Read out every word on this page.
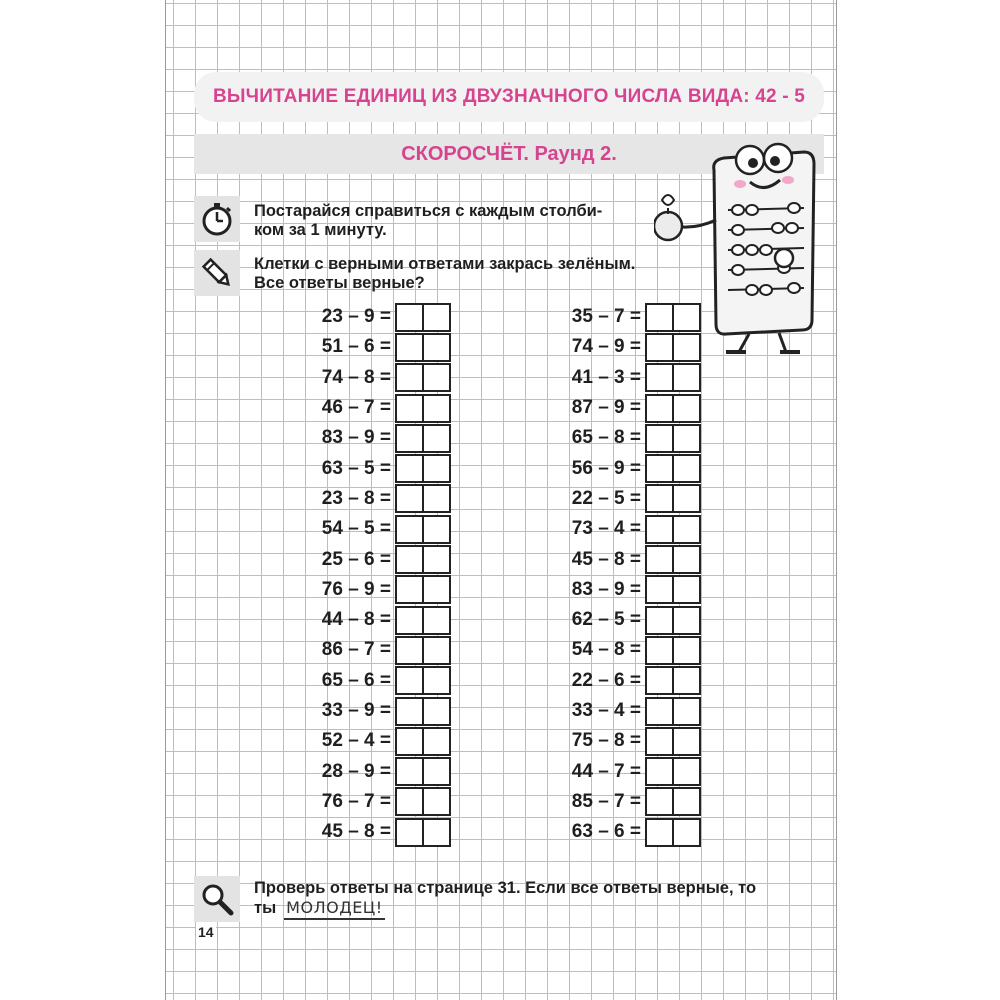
ВЫЧИТАНИЕ ЕДИНИЦ ИЗ ДВУЗНАЧНОГО ЧИСЛА ВИДА: 42 - 5
СКОРОСЧЁТ. Раунд 2.
Постарайся справиться с каждым столби-
ком за 1 минуту.
Клетки с верными ответами закрась зелёным.
Все ответы верные?
23 – 9 =
51 – 6 =
74 – 8 =
46 – 7 =
83 – 9 =
63 – 5 =
23 – 8 =
54 – 5 =
25 – 6 =
76 – 9 =
44 – 8 =
86 – 7 =
65 – 6 =
33 – 9 =
52 – 4 =
28 – 9 =
76 – 7 =
45 – 8 =
35 – 7 =
74 – 9 =
41 – 3 =
87 – 9 =
65 – 8 =
56 – 9 =
22 – 5 =
73 – 4 =
45 – 8 =
83 – 9 =
62 – 5 =
54 – 8 =
22 – 6 =
33 – 4 =
75 – 8 =
44 – 7 =
85 – 7 =
63 – 6 =
Проверь ответы на странице 31. Если все ответы верные, то
ты МОЛОДЕЦ!
14
